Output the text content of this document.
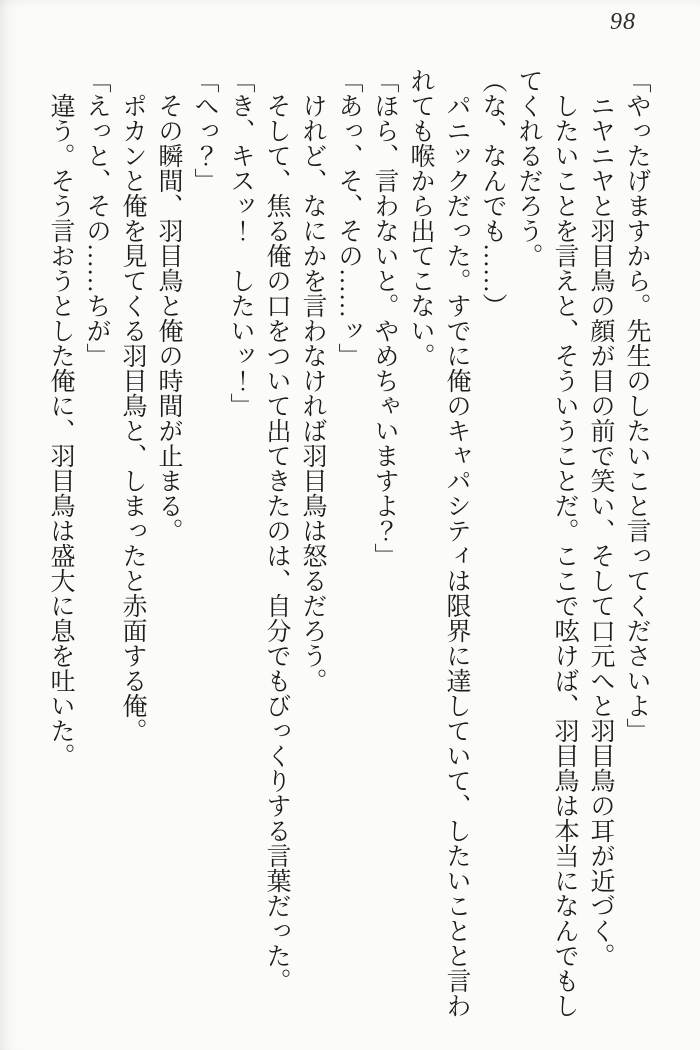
98

「やったげますから。先生のしたいこと言ってくださいよ」

ニヤニヤと羽目鳥の顔が目の前で笑い、そして口元へと羽目鳥の耳が近づく。

したいことを言えと、そういうことだ。ここで呟けば、羽目鳥は本当になんでもしてくれるだろう。

（な、なんでも……）

パニックだった。すでに俺のキャパシティは限界に達していて、したいことと言われても喉から出てこない。

「ほら、言わないと。やめちゃいますよ？」

「あっ、そ、その……ッ」

けれど、なにかを言わなければ羽目鳥は怒るだろう。

そして、焦る俺の口をついて出てきたのは、自分でもびっくりする言葉だった。

「き、キスッ！　したいッ！」

「へっ？」

その瞬間、羽目鳥と俺の時間が止まる。

ポカンと俺を見てくる羽目鳥と、しまったと赤面する俺。

「えっと、その……ちが」

違う。そう言おうとした俺に、羽目鳥は盛大に息を吐いた。
